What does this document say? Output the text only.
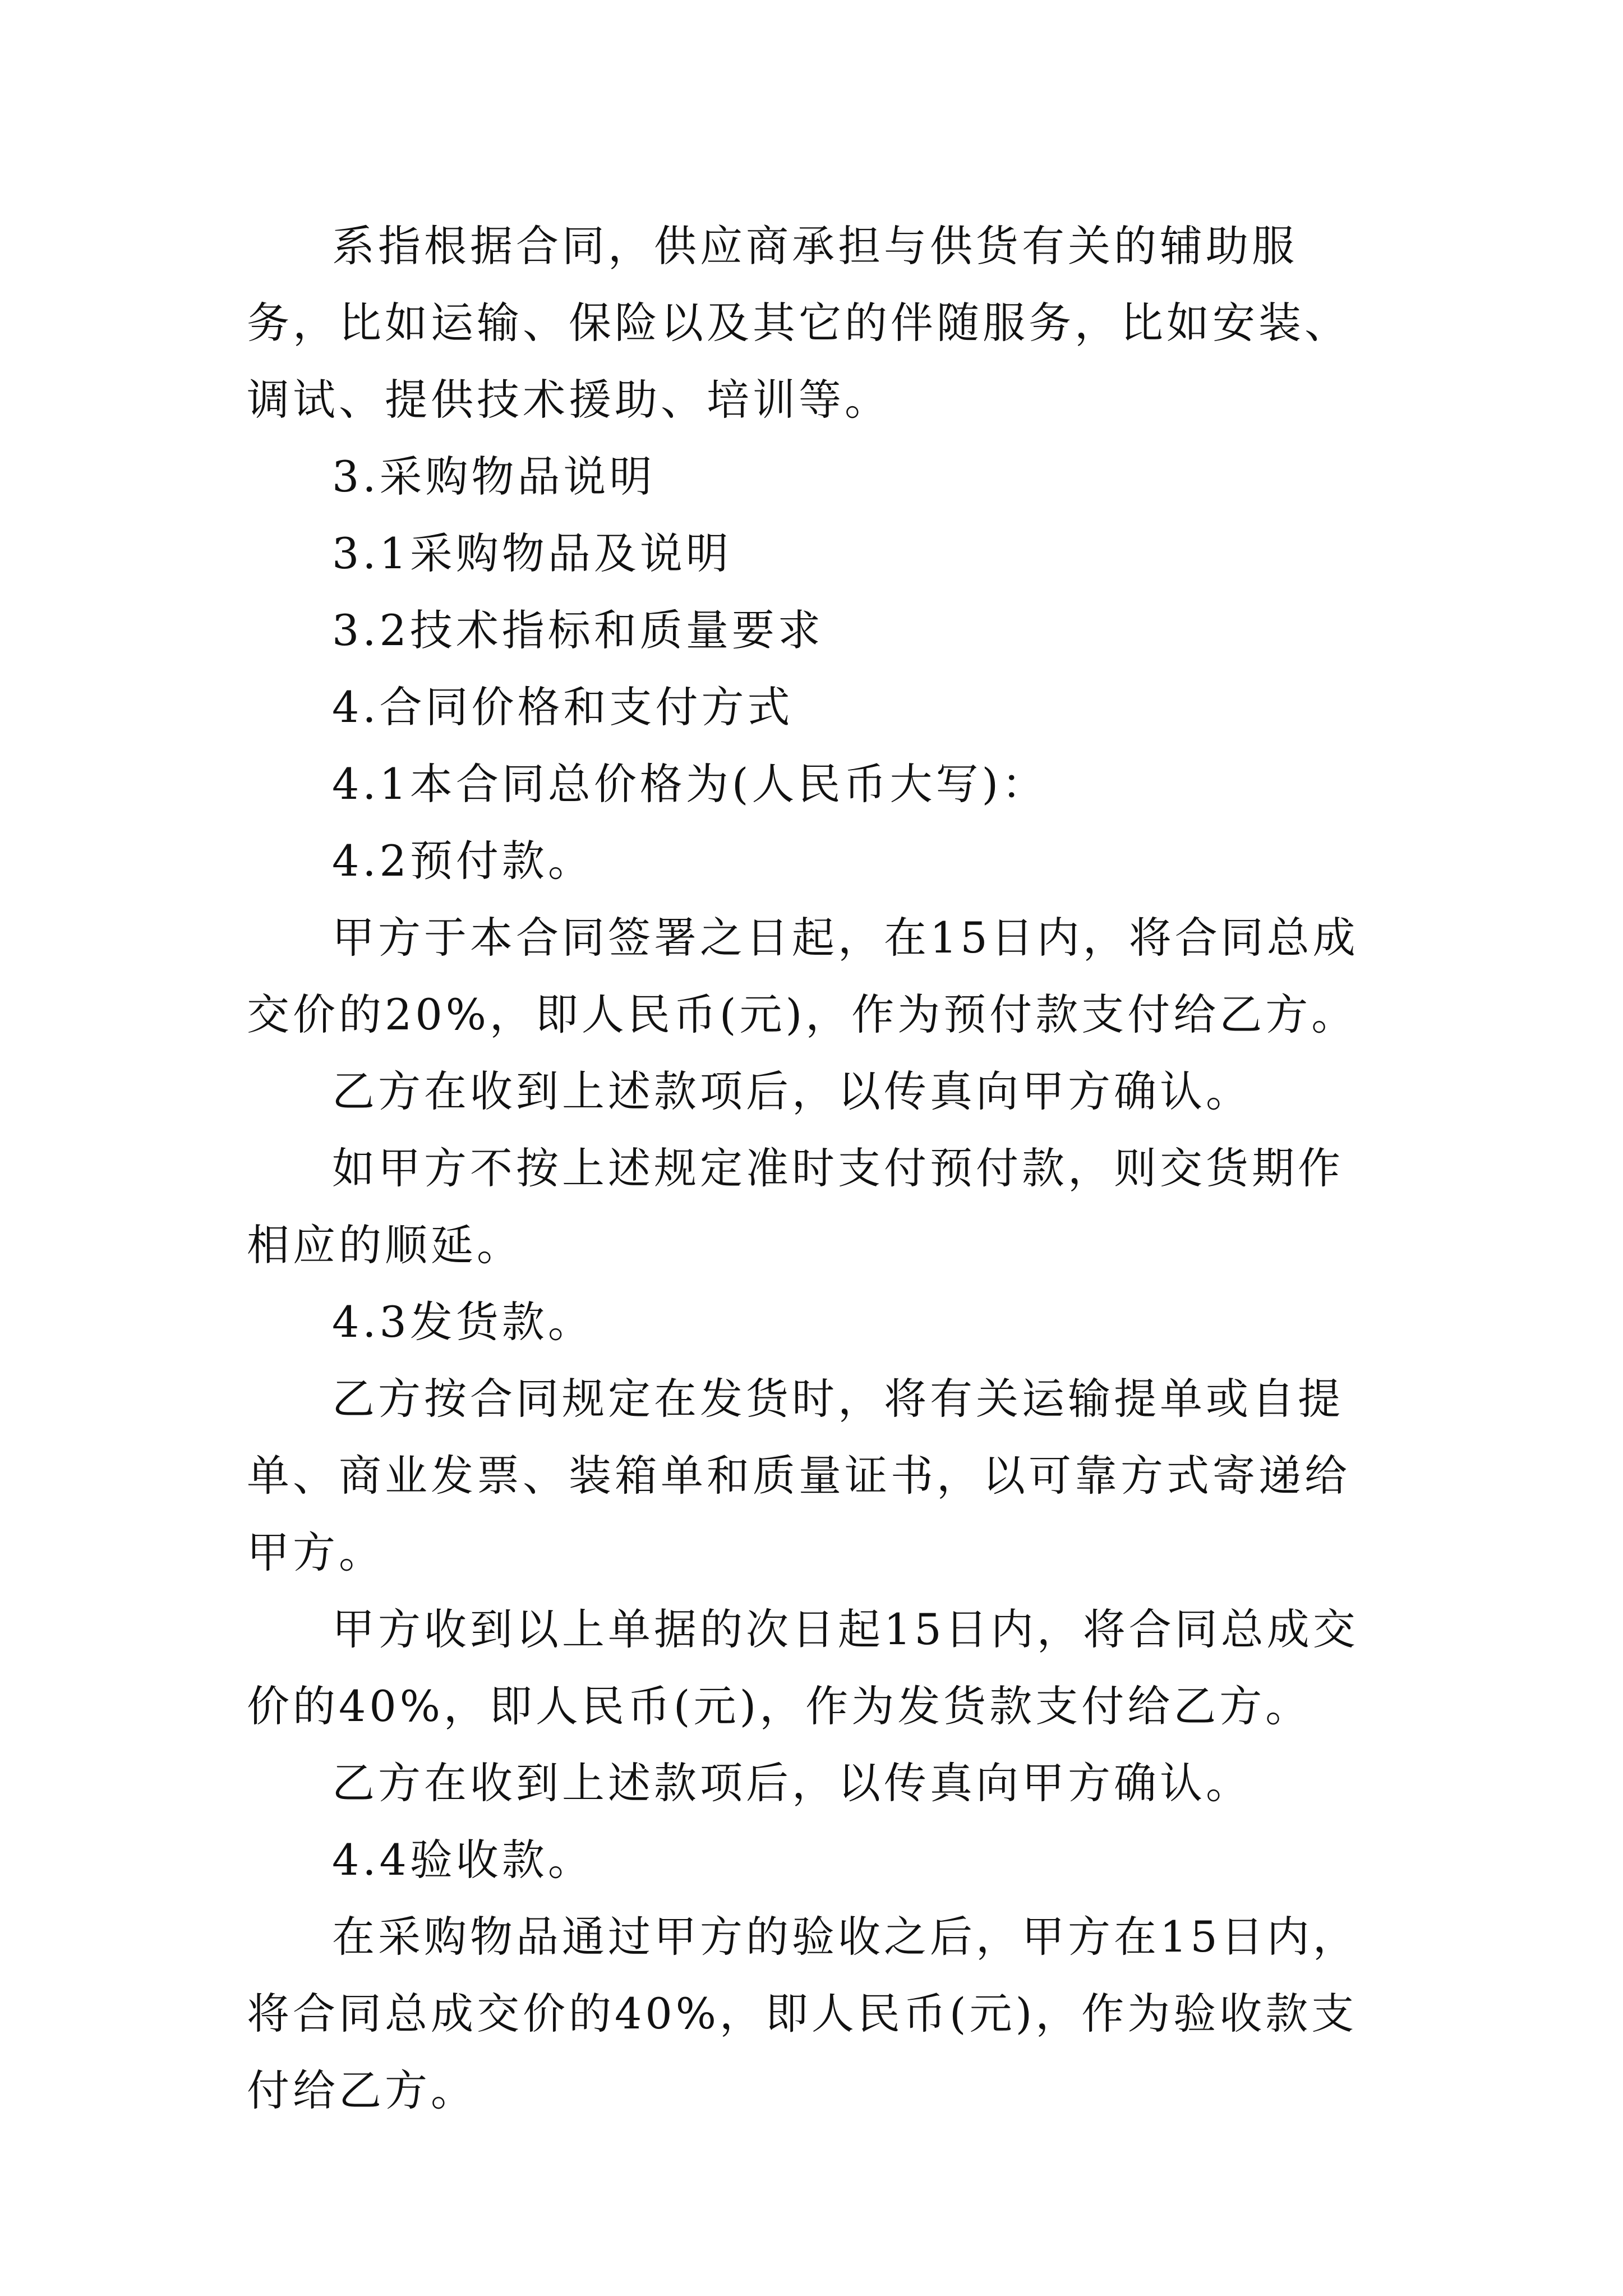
系指根据合同，供应商承担与供货有关的辅助服务，比如运输、保险以及其它的伴随服务，比如安装、调试、提供技术援助、培训等。

3.采购物品说明

3.1采购物品及说明

3.2技术指标和质量要求

4.合同价格和支付方式

4.1本合同总价格为(人民币大写)：

4.2预付款。

甲方于本合同签署之日起，在15日内，将合同总成交价的20%，即人民币(元)，作为预付款支付给乙方。

乙方在收到上述款项后，以传真向甲方确认。

如甲方不按上述规定准时支付预付款，则交货期作相应的顺延。

4.3发货款。

乙方按合同规定在发货时，将有关运输提单或自提单、商业发票、装箱单和质量证书，以可靠方式寄递给甲方。

甲方收到以上单据的次日起15日内，将合同总成交价的40%，即人民币(元)，作为发货款支付给乙方。

乙方在收到上述款项后，以传真向甲方确认。

4.4验收款。

在采购物品通过甲方的验收之后，甲方在15日内，将合同总成交价的40%，即人民币(元)，作为验收款支付给乙方。
